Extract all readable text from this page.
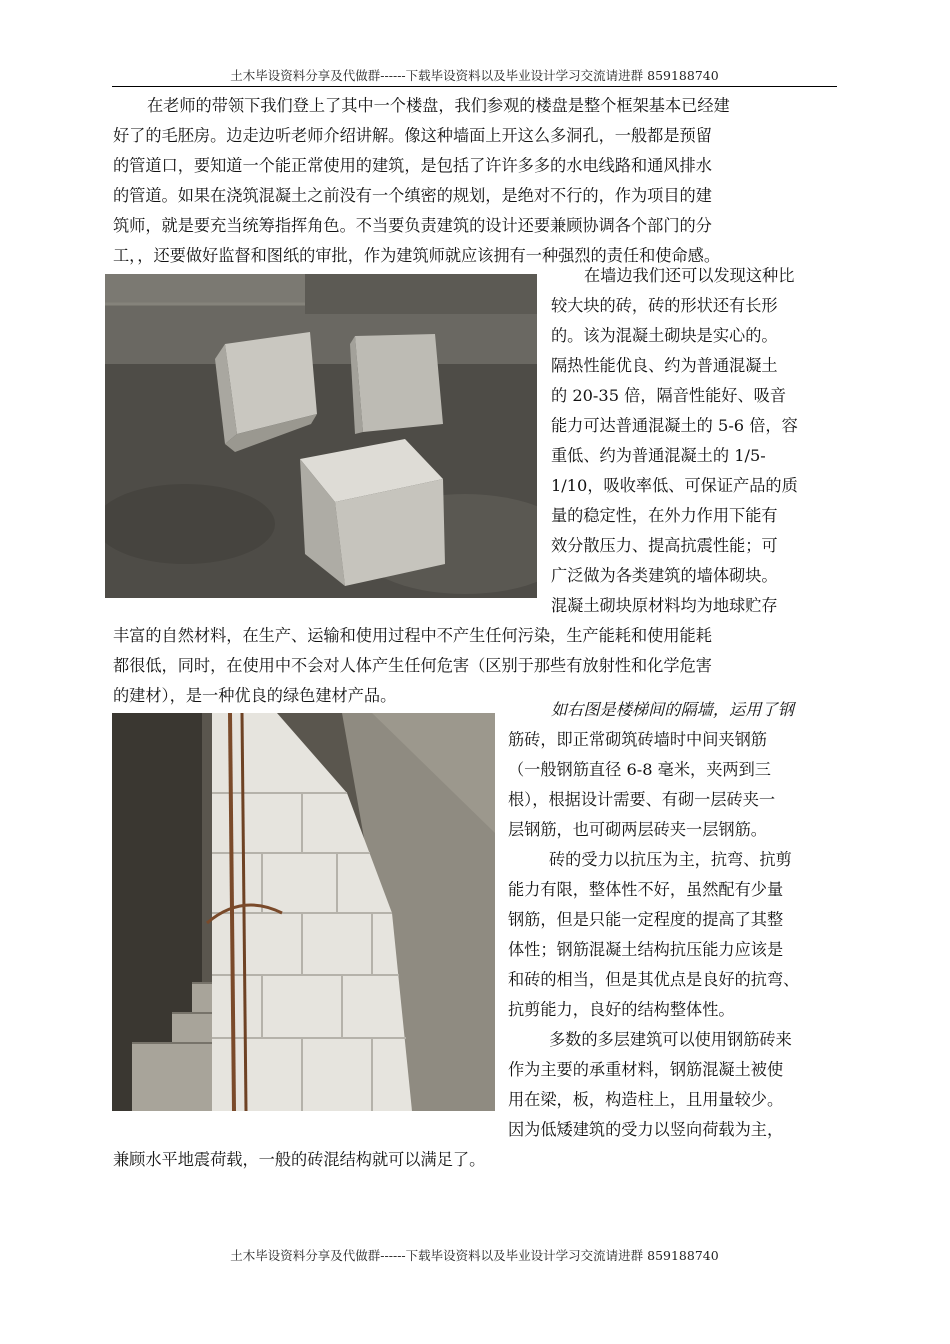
土木毕设资料分享及代做群------下载毕设资料以及毕业设计学习交流请进群 859188740
在老师的带领下我们登上了其中一个楼盘，我们参观的楼盘是整个框架基本已经建
好了的毛胚房。边走边听老师介绍讲解。像这种墙面上开这么多洞孔，一般都是预留
的管道口，要知道一个能正常使用的建筑，是包括了许许多多的水电线路和通风排水
的管道。如果在浇筑混凝土之前没有一个缜密的规划，是绝对不行的，作为项目的建
筑师，就是要充当统筹指挥角色。不当要负责建筑的设计还要兼顾协调各个部门的分
工，，还要做好监督和图纸的审批，作为建筑师就应该拥有一种强烈的责任和使命感。
在墙边我们还可以发现这种比
较大块的砖，砖的形状还有长形
的。该为混凝土砌块是实心的。
隔热性能优良、约为普通混凝土
的 20-35 倍，隔音性能好、吸音
能力可达普通混凝土的 5-6 倍，容
重低、约为普通混凝土的 1/5-
1/10，吸收率低、可保证产品的质
量的稳定性，在外力作用下能有
效分散压力、提高抗震性能；可
广泛做为各类建筑的墙体砌块。
混凝土砌块原材料均为地球贮存
丰富的自然材料，在生产、运输和使用过程中不产生任何污染，生产能耗和使用能耗
都很低，同时，在使用中不会对人体产生任何危害（区别于那些有放射性和化学危害
的建材），是一种优良的绿色建材产品。
如右图是楼梯间的隔墙，运用了钢
筋砖，即正常砌筑砖墙时中间夹钢筋
（一般钢筋直径 6-8 毫米，夹两到三
根），根据设计需要、有砌一层砖夹一
层钢筋，也可砌两层砖夹一层钢筋。
砖的受力以抗压为主，抗弯、抗剪
能力有限，整体性不好，虽然配有少量
钢筋，但是只能一定程度的提高了其整
体性；钢筋混凝土结构抗压能力应该是
和砖的相当，但是其优点是良好的抗弯、
抗剪能力，良好的结构整体性。
多数的多层建筑可以使用钢筋砖来
作为主要的承重材料，钢筋混凝土被使
用在梁，板，构造柱上，且用量较少。
因为低矮建筑的受力以竖向荷载为主，
兼顾水平地震荷载，一般的砖混结构就可以满足了。
土木毕设资料分享及代做群------下载毕设资料以及毕业设计学习交流请进群 859188740
